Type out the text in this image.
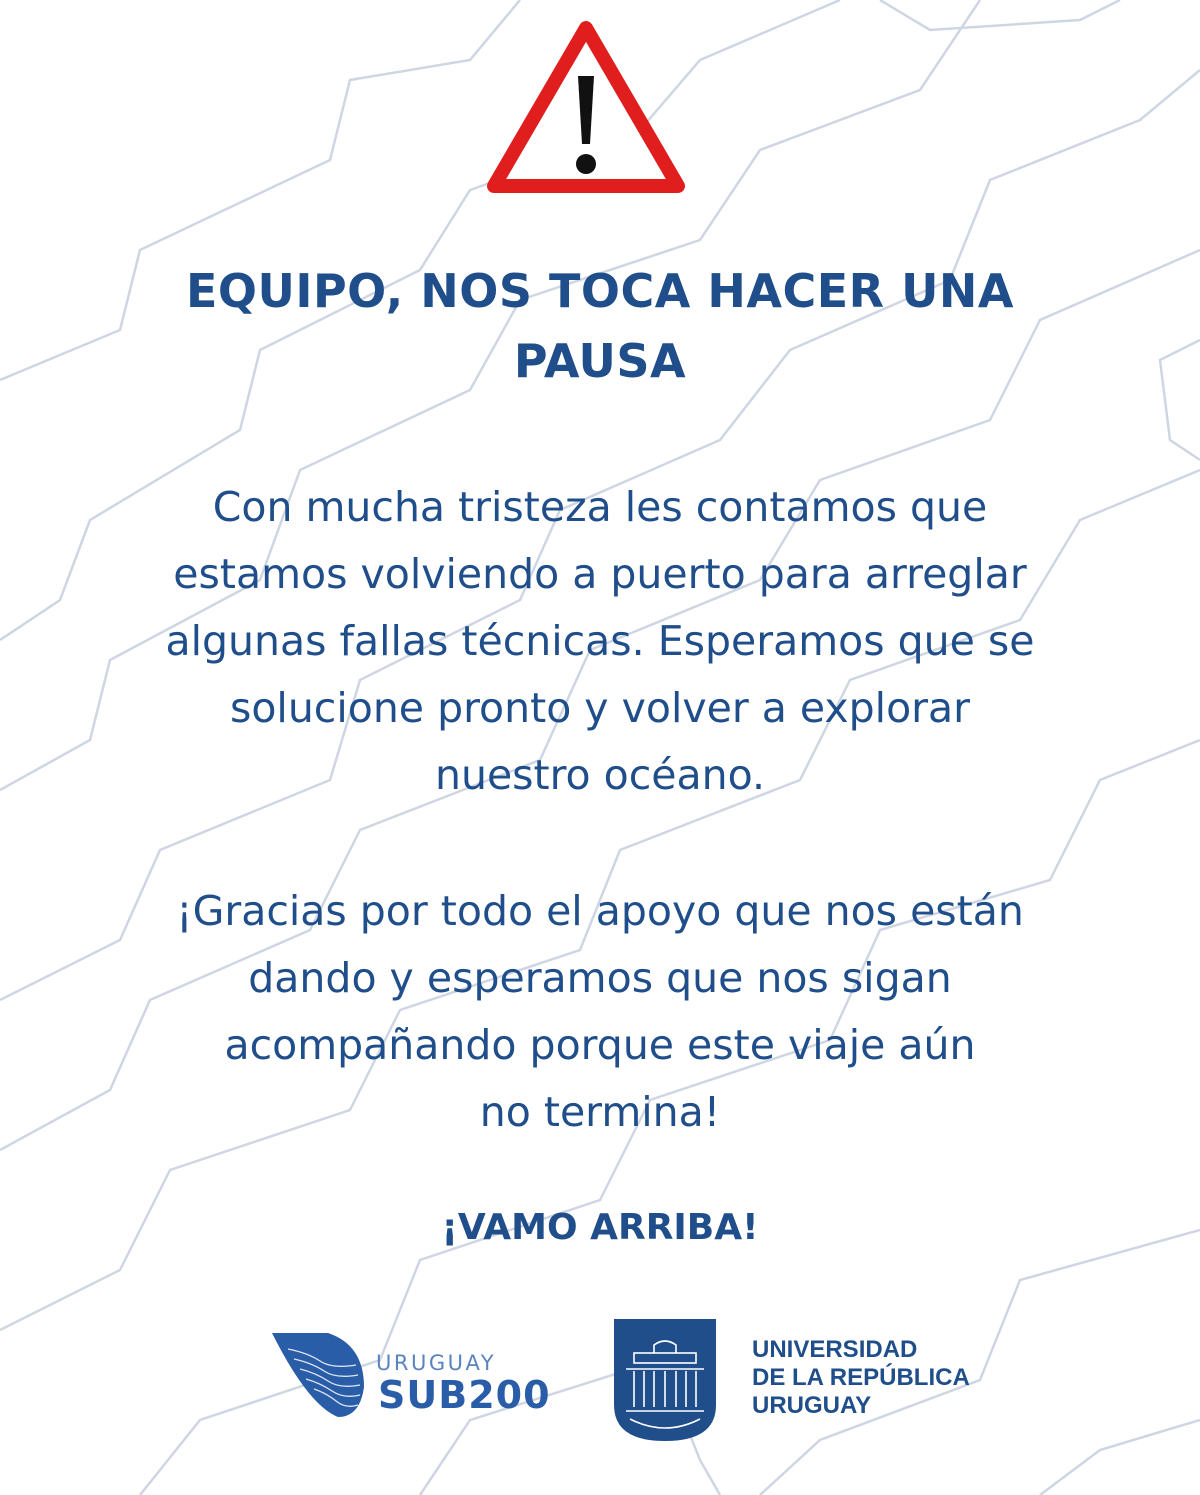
EQUIPO, NOS TOCA HACER UNA
PAUSA
Con mucha tristeza les contamos que
estamos volviendo a puerto para arreglar
algunas fallas técnicas. Esperamos que se
solucione pronto y volver a explorar
nuestro océano.
¡Gracias por todo el apoyo que nos están
dando y esperamos que nos sigan
acompañando porque este viaje aún
no termina!
¡VAMO ARRIBA!
URUGUAY
SUB200
UNIVERSIDAD
DE LA REPÚBLICA
URUGUAY
